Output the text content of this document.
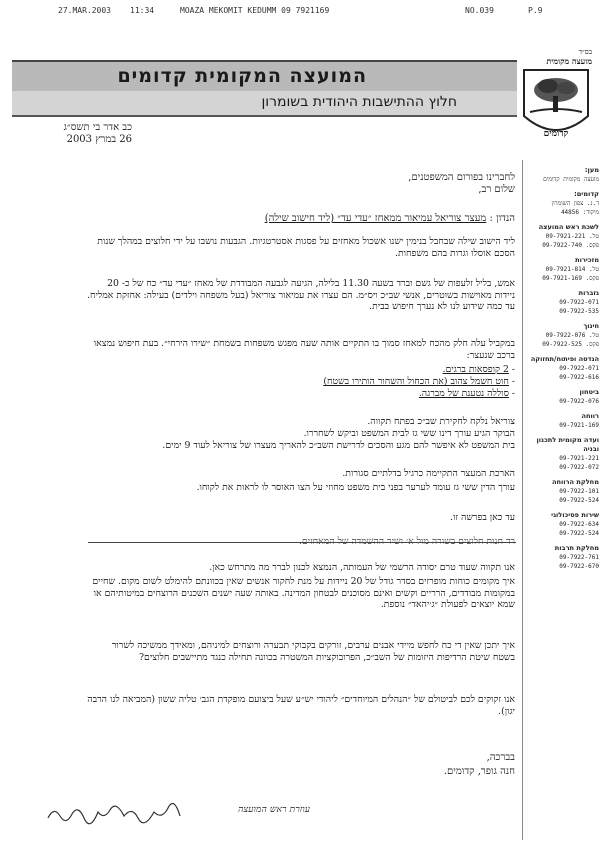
27.MAR.2003 11:34	MOAZA MEKOMIT KEDUMM 09 7921169	NO.039	P.9
המועצה המקומית קדומים
חלוץ ההתישבות היהודית בשומרון
בס״ד
מועצה מקומית
קדומים
מען:
מועצה מקומית קדומים
קדומים:
ד.נ. צפון השומרון
מיקוד: 44856
לשכת ראש המועצה
טל. 09-7921-221
פקס. 09-7922-740
מזכירות
טל. 09-7921-814
פקס. 09-7921-169
גזברות
09-7922-071
09-7922-535
חינוך
טל. 09-7922-076
פקס. 09-7922-525
הנדסה ופיתוח/תחזוקה
09-7922-071
09-7922-616
ביטחון
09-7922-076
רווחה
09-7921-169
ועדה מקומית לתכנון ובניה
09-7921-221
09-7922-072
מחלקת הרווחה
09-7922-101
09-7922-524
שירות פסיכולוגי
09-7922-634
09-7922-524
מחלקת תרבות
09-7922-761
09-7922-670
כב אדר בי תשס״ג
26 במרץ 2003
לחברינו בפורום המשפטנים,
שלום רב,
הנדון : מעצר צוריאל עמיאור ממאחז ״עדי עד״ (ליד חישוב שילה)
ליד הישוב שילה שבחבל בנימין ישנו אשכול מאחזים על פסגות אסטרטגיות. הגבעות נושבו על ידי חלוצים במהלך שנות הסכם אוסלו וגרות בהם משפחות.
אמש, בליל זלעפות של גשם וברד בשעה 11.30 בלילה, הגיעה לגבעה המבודדת של מאחז ״עדי עד״ כח של כ- 20 ניידות מאוישות בשוטרים, אנשי שב״כ ויס״מ. הם עצרו את עמיאור צוריאל (בעל משפחה וילדים) בעילה: אחזקת אמליח. עד כמה שידוע לנו לא נערך חיפוש בבית.
במקביל עלה חלק מהכח למאחז סמוך בו התקיים אותה שעה מפגש משפחות בשמחת ״שירו הירחי״. בעת חיפוש נמצאו ברכב שנעצר:
- 2 קופסאות ברגים.
- חוט חשמל צהוב (את הכחול והשחור הותירו בשטח)
- סוללה נטענת של מברגה.
צוריאל נלקח לחקירת שב״כ בפתח תקווה.
הבוקר הגיע עורך דינו ששי גז לבית המשפט וביקש לשחררו.
בית המשפט לא איפשר להם מגע והסכים לדרישת השב״כ להאריך מעצרו של צוריאל לעוד 9 ימים.
הארכת המעצר התקיימה כרגיל בדלתיים סגורות.
עורך הדין ששי גז עומד לערער בפני בית משפט מחוזי על הצו האוסר לו לראות את לקוחו.
עד כאן בפרשה זו.
אנו תקווה שעוד טרם יסודה הרשמי של העמותה, הנמצא לכנון לברר מה מתרחש כאן.
איך מקומים כוחות מופרזים בסדר גודל של 20 ניידות על מנת לחקור אנשים שאין בכוונתם להימלט לשום מקום. שחיים במקומות מבודדים, הרריים וקשים ואינם מסוכנים לבטחון המדינה. באותה שעה ישנים השכנים הרוצחים במיטותיהם או שמא יוצאים לפעולת ״ג׳יהאד״ נוספת.
איך יתכן שאין די כח לחפש מיידי אבנים ערבים, זורקים בקבוקי תבערה ורוצחים למיניהם, ומאידך ממשיכה לשרור בשטח שיטת הרדיפות היזומות של השב״כ, הפרובוקציות המשטרה בכוונה תחילה כנגד מתיישבים חלוצים?
אנו זקוקים לכם לביטולם של ״הנהלים המיוחדים״ ליהודי יש״ע שעל ביצועם מופקדת הגב׳ טליה ששון (המביאה לנו הרבה יגון).
בברכה,
חנה גופר, קדומים.
עוזרת ראש המועצה
